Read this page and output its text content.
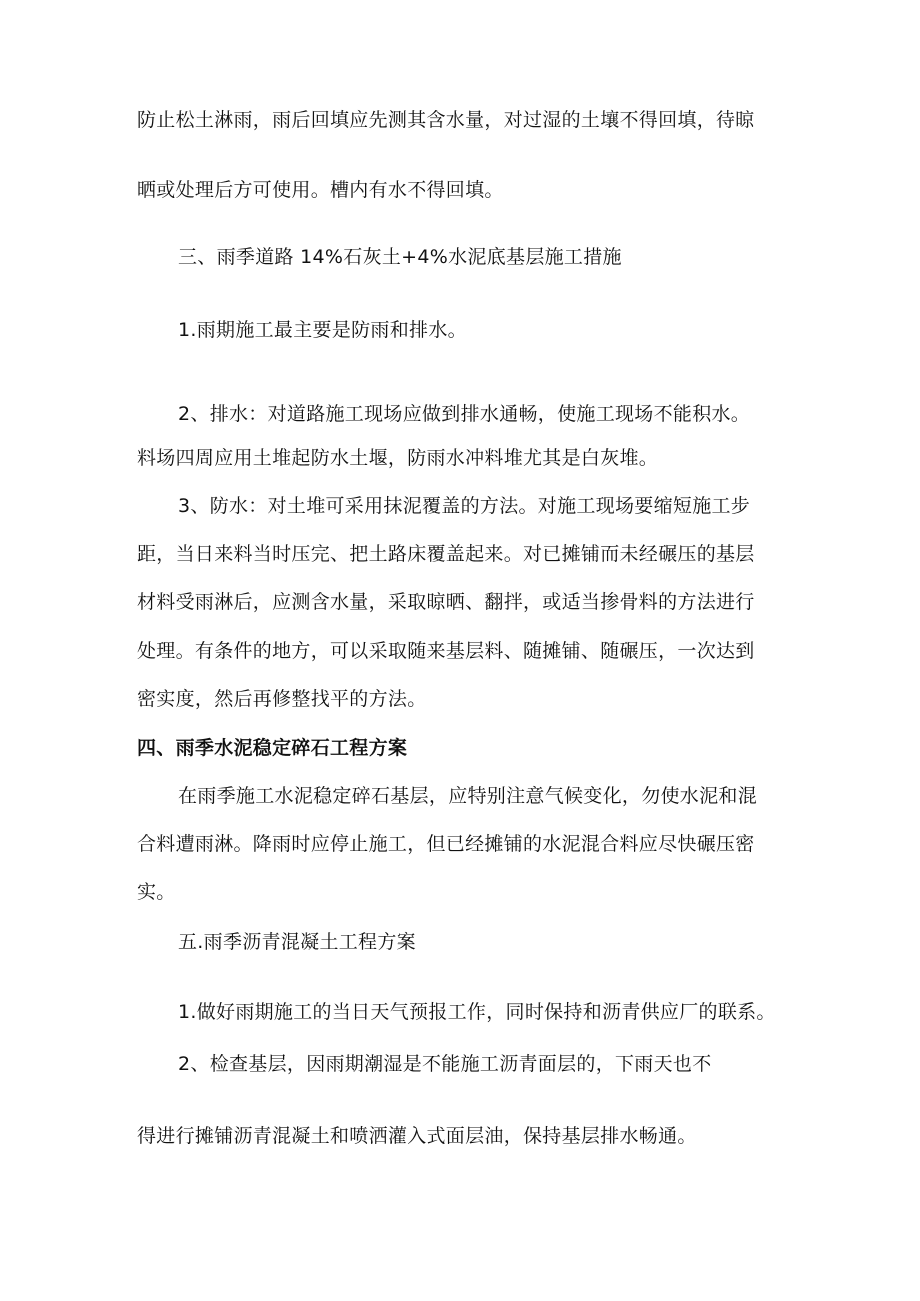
防止松土淋雨，雨后回填应先测其含水量，对过湿的土壤不得回填，待晾
晒或处理后方可使用。槽内有水不得回填。
三、雨季道路 14%石灰土+4%水泥底基层施工措施
1.雨期施工最主要是防雨和排水。
2、排水：对道路施工现场应做到排水通畅，使施工现场不能积水。
料场四周应用土堆起防水土堰，防雨水冲料堆尤其是白灰堆。
3、防水：对土堆可采用抹泥覆盖的方法。对施工现场要缩短施工步
距，当日来料当时压完、把土路床覆盖起来。对已摊铺而未经碾压的基层
材料受雨淋后，应测含水量，采取晾晒、翻拌，或适当掺骨料的方法进行
处理。有条件的地方，可以采取随来基层料、随摊铺、随碾压，一次达到
密实度，然后再修整找平的方法。
四、雨季水泥稳定碎石工程方案
在雨季施工水泥稳定碎石基层，应特别注意气候变化，勿使水泥和混
合料遭雨淋。降雨时应停止施工，但已经摊铺的水泥混合料应尽快碾压密
实。
五.雨季沥青混凝土工程方案
1.做好雨期施工的当日天气预报工作，同时保持和沥青供应厂的联系。
2、检查基层，因雨期潮湿是不能施工沥青面层的，下雨天也不
得进行摊铺沥青混凝土和喷洒灌入式面层油，保持基层排水畅通。
